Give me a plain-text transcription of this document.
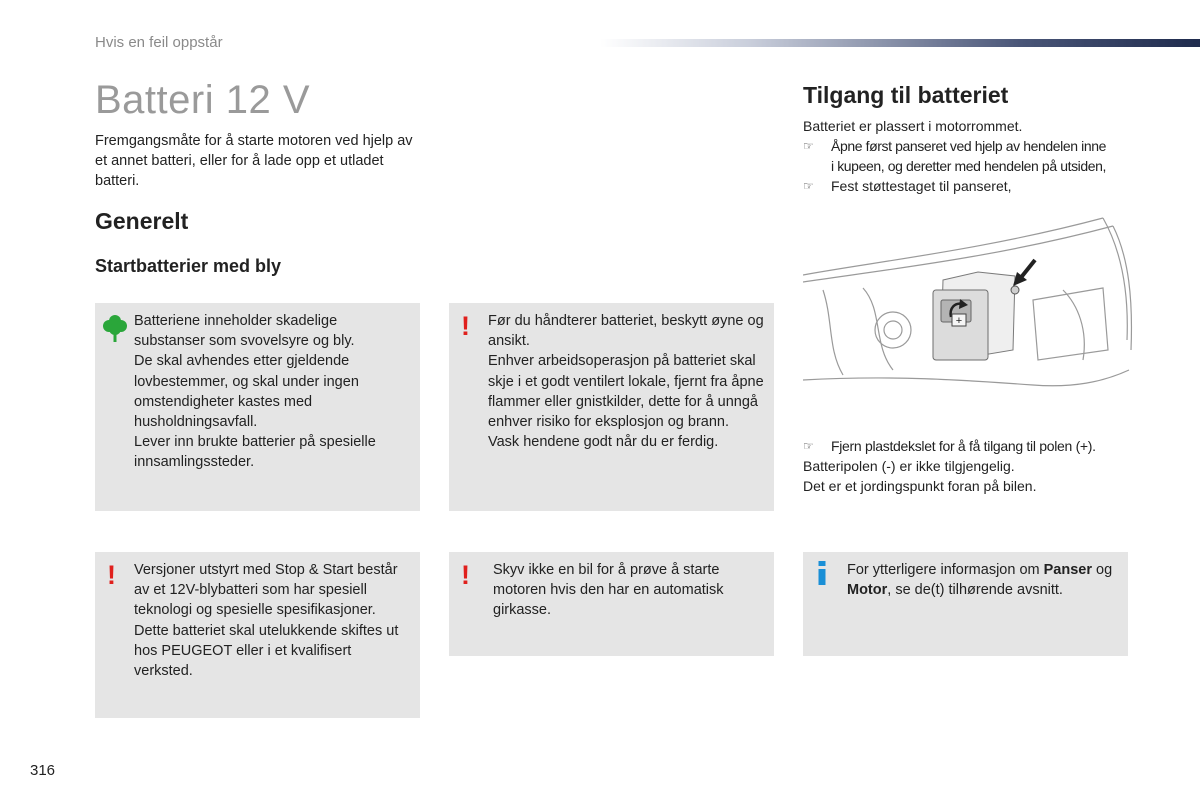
Hvis en feil oppstår
Batteri 12 V
Fremgangsmåte for å starte motoren ved hjelp av et annet batteri, eller for å lade opp et utladet batteri.
Generelt
Startbatterier med bly

Batteriene inneholder skadelige substanser som svovelsyre og bly.

De skal avhendes etter gjeldende lovbestemmer, og skal under ingen omstendigheter kastes med husholdningsavfall.

Lever inn brukte batterier på spesielle innsamlingssteder.

! Før du håndterer batteriet, beskytt øyne og ansikt.

Enhver arbeidsoperasjon på batteriet skal skje i et godt ventilert lokale, fjernt fra åpne flammer eller gnistkilder, dette for å unngå enhver risiko for eksplosjon og brann.

Vask hendene godt når du er ferdig.

! Versjoner utstyrt med Stop & Start består av et 12V-blybatteri som har spesiell teknologi og spesielle spesifikasjoner.

Dette batteriet skal utelukkende skiftes ut hos PEUGEOT eller i et kvalifisert verksted.

! Skyv ikke en bil for å prøve å starte motoren hvis den har en automatisk girkasse.

For ytterligere informasjon om Panser og Motor, se de(t) tilhørende avsnitt.

Tilgang til batteriet
Batteriet er plassert i motorrommet.
☞	Åpne først panseret ved hjelp av hendelen inne
i kupeen, og deretter med hendelen på utsiden,
☞	Fest støttestaget til panseret,
+
☞	Fjern plastdekslet for å få tilgang til polen (+).
Batteripolen (-) er ikke tilgjengelig.
Det er et jordingspunkt foran på bilen.
316
